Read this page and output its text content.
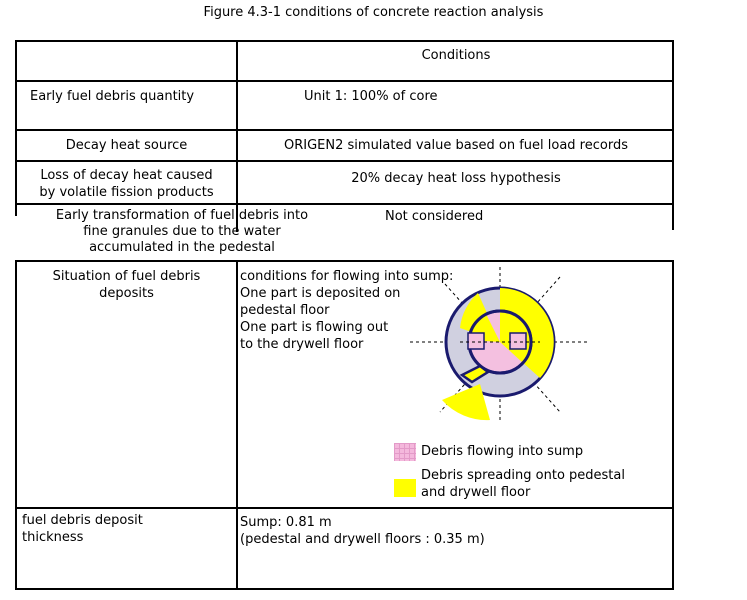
Figure 4.3-1 conditions of concrete reaction analysis
Conditions
Early fuel debris quantity	Unit 1: 100% of core
Decay heat source	ORIGEN2 simulated value based on fuel load records
Loss of decay heat caused
by volatile fission products
20% decay heat loss hypothesis
Early transformation of fuel debris into
fine granules due to the water
accumulated in the pedestal
Not considered
Situation of fuel debris
deposits
conditions for flowing into sump:
One part is deposited on
pedestal floor
One part is flowing out
to the drywell floor
Debris flowing into sump
Debris spreading onto pedestal
and drywell floor
fuel debris deposit
thickness
Sump: 0.81 m
(pedestal and drywell floors : 0.35 m)
